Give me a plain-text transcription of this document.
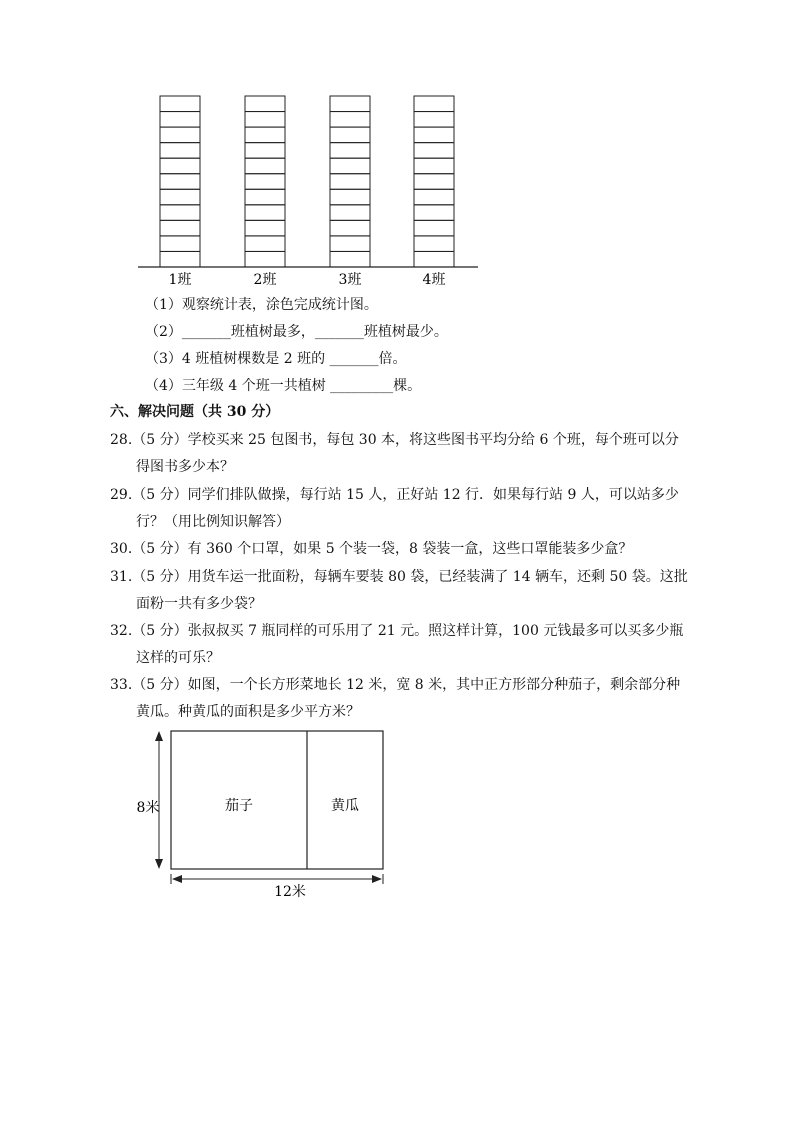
1班	2班	3班	4班
（1）观察统计表，涂色完成统计图。
（2）_______班植树最多，_______班植树最少。
（3）4 班植树棵数是 2 班的 _______倍。
（4）三年级 4 个班一共植树 _________棵。
六、解决问题（共 30 分）
28.（5 分）学校买来 25 包图书，每包 30 本，将这些图书平均分给 6 个班，每个班可以分
得图书多少本？
29.（5 分）同学们排队做操，每行站 15 人，正好站 12 行．如果每行站 9 人，可以站多少
行？（用比例知识解答）
30.（5 分）有 360 个口罩，如果 5 个装一袋，8 袋装一盒，这些口罩能装多少盒？
31.（5 分）用货车运一批面粉，每辆车要装 80 袋，已经装满了 14 辆车，还剩 50 袋。这批
面粉一共有多少袋？
32.（5 分）张叔叔买 7 瓶同样的可乐用了 21 元。照这样计算，100 元钱最多可以买多少瓶
这样的可乐？
33.（5 分）如图，一个长方形菜地长 12 米，宽 8 米，其中正方形部分种茄子，剩余部分种
黄瓜。种黄瓜的面积是多少平方米？
茄子	黄瓜
8米
12米
